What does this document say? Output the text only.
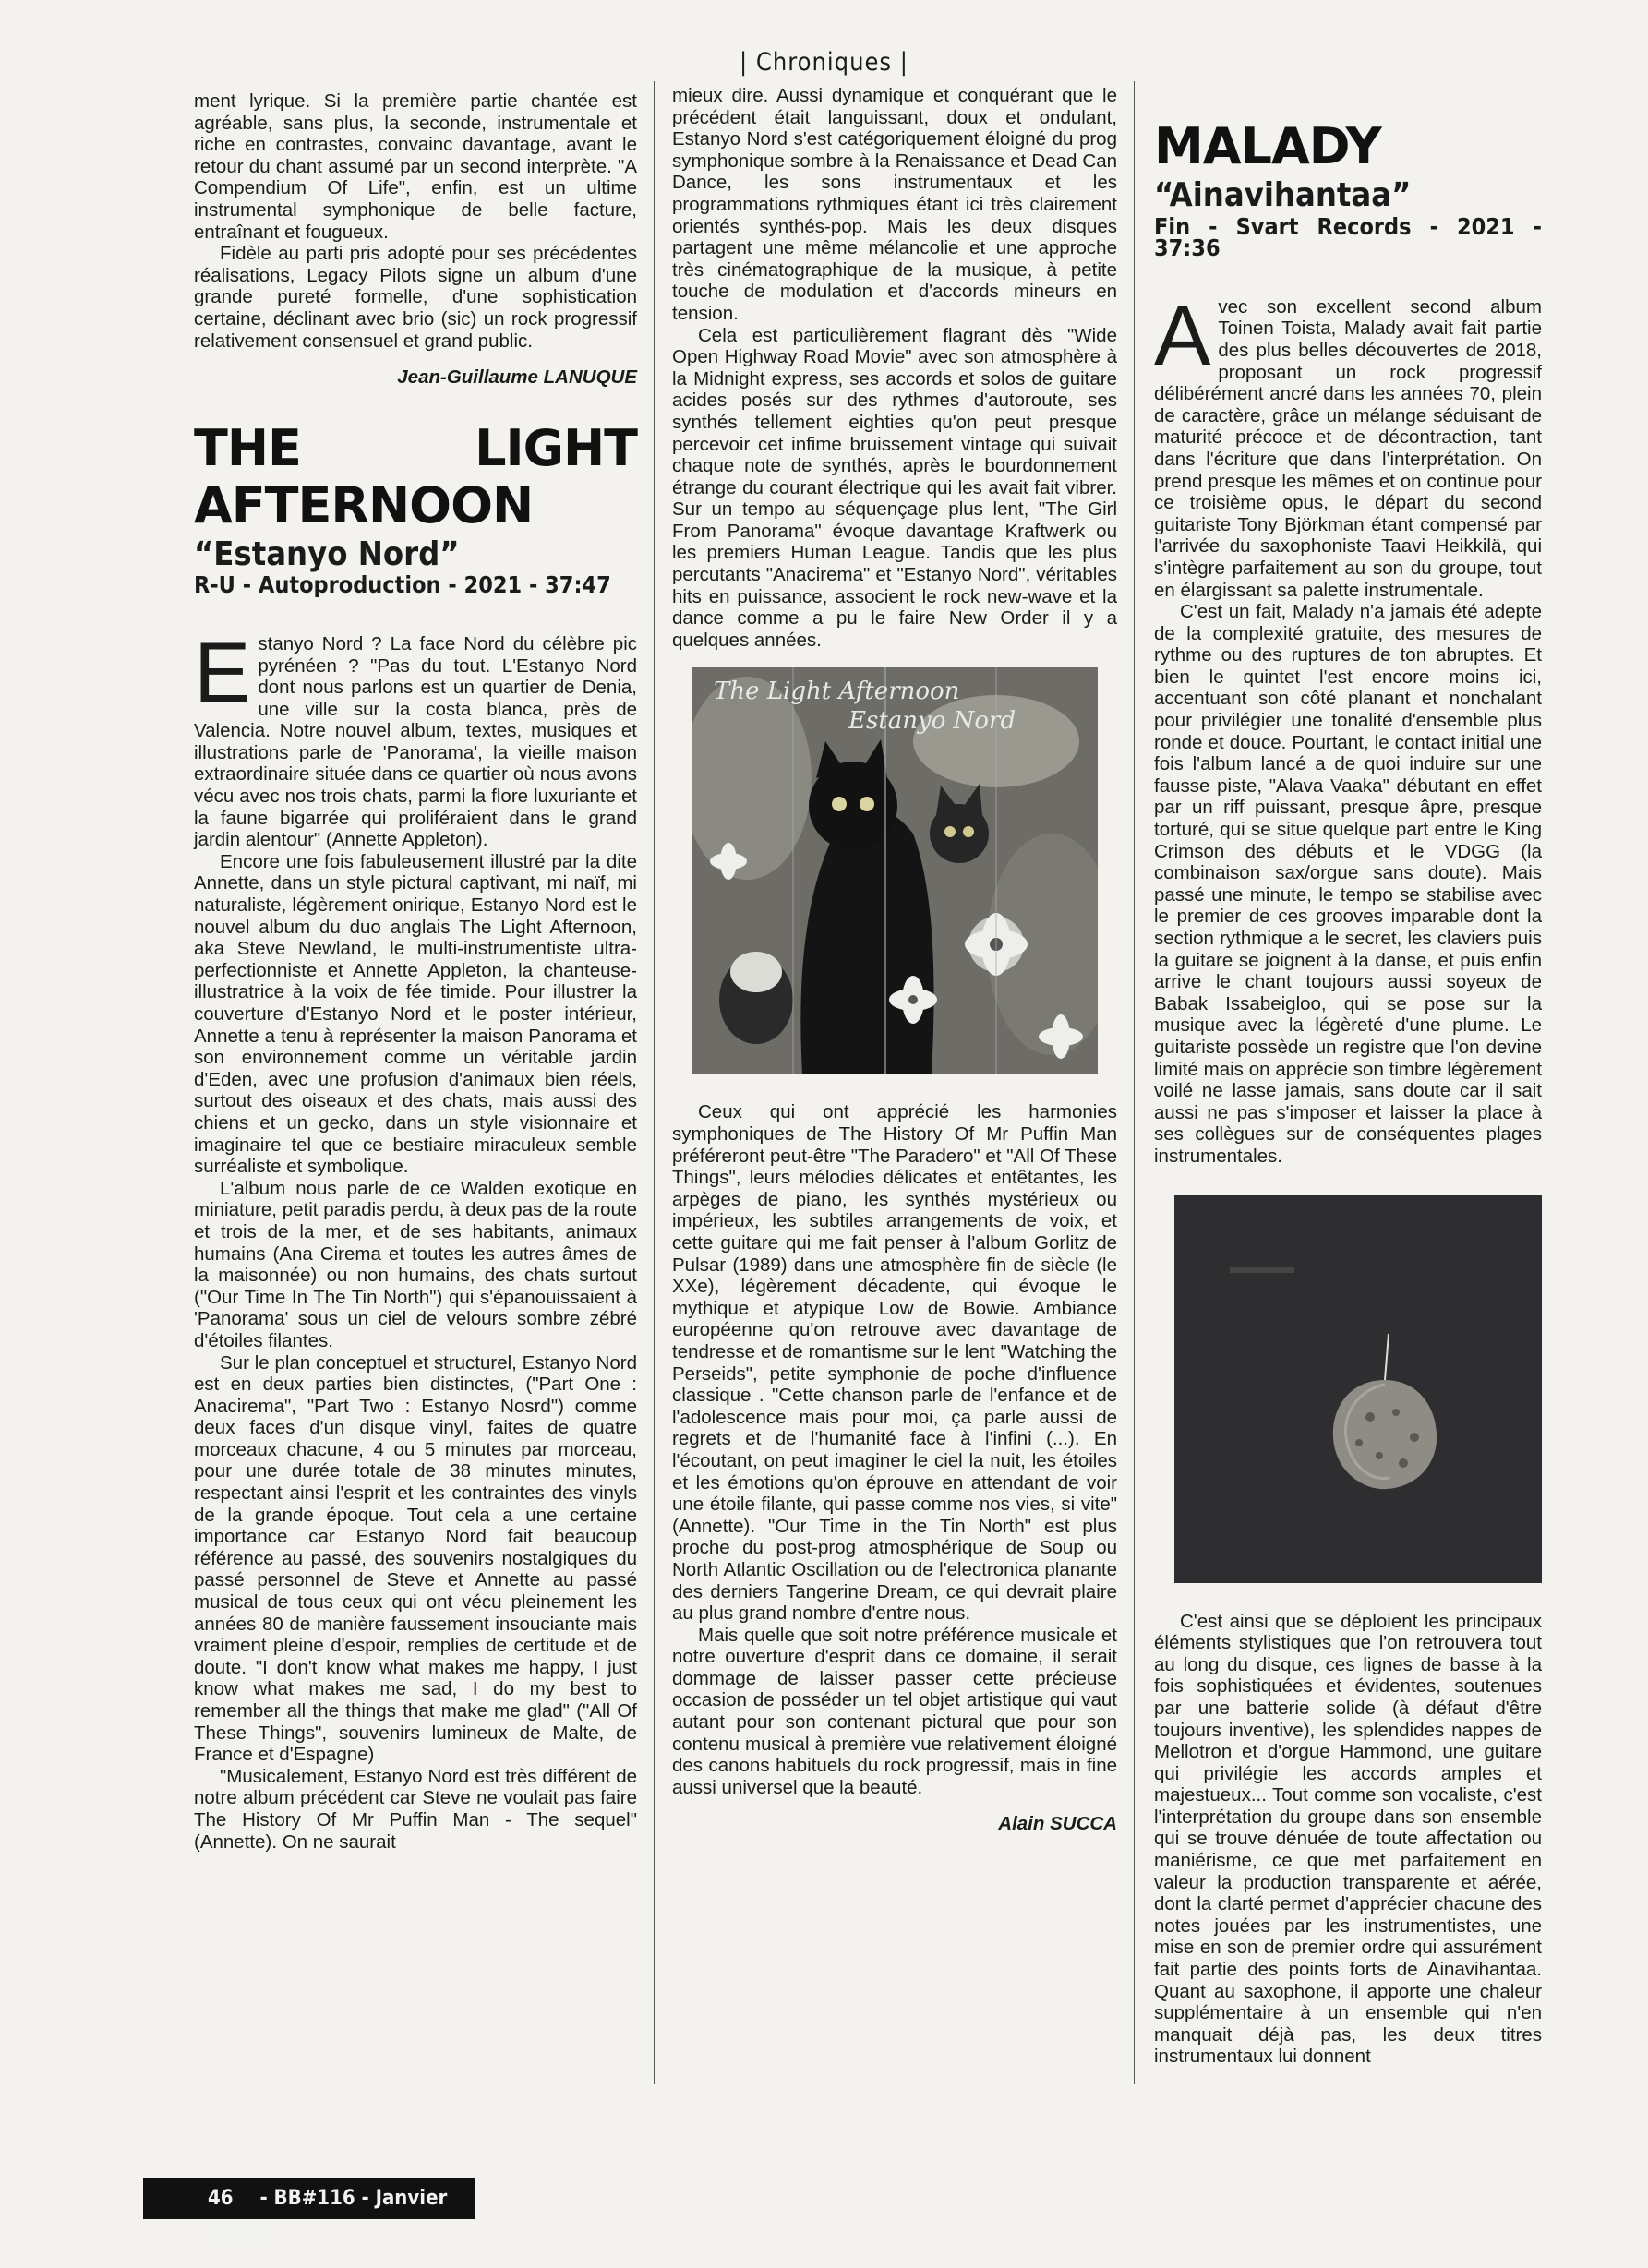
| Chroniques |

ment lyrique. Si la première partie chantée est agréable, sans plus, la seconde, instrumentale et riche en contrastes, convainc davantage, avant le retour du chant assumé par un second interprète. "A Compendium Of Life", enfin, est un ultime instrumental symphonique de belle facture, entraînant et fougueux.

Fidèle au parti pris adopté pour ses précédentes réalisations, Legacy Pilots signe un album d'une grande pureté formelle, d'une sophistication certaine, déclinant avec brio (sic) un rock progressif relativement consensuel et grand public.

Jean-Guillaume LANUQUE

THE LIGHT AFTERNOON
“Estanyo Nord”
R-U - Autoproduction - 2021 - 37:47

E stanyo Nord ? La face Nord du célèbre pic pyrénéen ? "Pas du tout. L'Estanyo Nord dont nous parlons est un quartier de Denia, une ville sur la costa blanca, près de Valencia. Notre nouvel album, textes, musiques et illustrations parle de 'Panorama', la vieille maison extraordinaire située dans ce quartier où nous avons vécu avec nos trois chats, parmi la flore luxuriante et la faune bigarrée qui proliféraient dans le grand jardin alentour" (Annette Appleton).

Encore une fois fabuleusement illustré par la dite Annette, dans un style pictural captivant, mi naïf, mi naturaliste, légèrement onirique, Estanyo Nord est le nouvel album du duo anglais The Light Afternoon, aka Steve Newland, le multi-instrumentiste ultra-perfectionniste et Annette Appleton, la chanteuse-illustratrice à la voix de fée timide. Pour illustrer la couverture d'Estanyo Nord et le poster intérieur, Annette a tenu à représenter la maison Panorama et son environnement comme un véritable jardin d'Eden, avec une profusion d'animaux bien réels, surtout des oiseaux et des chats, mais aussi des chiens et un gecko, dans un style visionnaire et imaginaire tel que ce bestiaire miraculeux semble surréaliste et symbolique.

L'album nous parle de ce Walden exotique en miniature, petit paradis perdu, à deux pas de la route et trois de la mer, et de ses habitants, animaux humains (Ana Cirema et toutes les autres âmes de la maisonnée) ou non humains, des chats surtout ("Our Time In The Tin North") qui s'épanouissaient à 'Panorama' sous un ciel de velours sombre zébré d'étoiles filantes.

Sur le plan conceptuel et structurel, Estanyo Nord est en deux parties bien distinctes, ("Part One : Anacirema", "Part Two : Estanyo Nosrd") comme deux faces d'un disque vinyl, faites de quatre morceaux chacune, 4 ou 5 minutes par morceau, pour une durée totale de 38 minutes minutes, respectant ainsi l'esprit et les contraintes des vinyls de la grande époque. Tout cela a une certaine importance car Estanyo Nord fait beaucoup référence au passé, des souvenirs nostalgiques du passé personnel de Steve et Annette au passé musical de tous ceux qui ont vécu pleinement les années 80 de manière faussement insouciante mais vraiment pleine d'espoir, remplies de certitude et de doute. "I don't know what makes me happy, I just know what makes me sad, I do my best to remember all the things that make me glad" ("All Of These Things", souvenirs lumineux de Malte, de France et d'Espagne)

"Musicalement, Estanyo Nord est très différent de notre album précédent car Steve ne voulait pas faire The History Of Mr Puffin Man - The sequel" (Annette). On ne saurait

mieux dire. Aussi dynamique et conquérant que le précédent était languissant, doux et ondulant, Estanyo Nord s'est catégoriquement éloigné du prog symphonique sombre à la Renaissance et Dead Can Dance, les sons instrumentaux et les programmations rythmiques étant ici très clairement orientés synthés-pop. Mais les deux disques partagent une même mélancolie et une approche très cinématographique de la musique, à petite touche de modulation et d'accords mineurs en tension.

Cela est particulièrement flagrant dès "Wide Open Highway Road Movie" avec son atmosphère à la Midnight express, ses accords et solos de guitare acides posés sur des rythmes d'autoroute, ses synthés tellement eighties qu'on peut presque percevoir cet infime bruissement vintage qui suivait chaque note de synthés, après le bourdonnement étrange du courant électrique qui les avait fait vibrer. Sur un tempo au séquençage plus lent, "The Girl From Panorama" évoque davantage Kraftwerk ou les premiers Human League. Tandis que les plus percutants "Anacirema" et "Estanyo Nord", véritables hits en puissance, associent le rock new-wave et la dance comme a pu le faire New Order il y a quelques années.

The Light Afternoon
Estanyo Nord

Ceux qui ont apprécié les harmonies symphoniques de The History Of Mr Puffin Man préféreront peut-être "The Paradero" et "All Of These Things", leurs mélodies délicates et entêtantes, les arpèges de piano, les synthés mystérieux ou impérieux, les subtiles arrangements de voix, et cette guitare qui me fait penser à l'album Gorlitz de Pulsar (1989) dans une atmosphère fin de siècle (le XXe), légèrement décadente, qui évoque le mythique et atypique Low de Bowie. Ambiance européenne qu'on retrouve avec davantage de tendresse et de romantisme sur le lent "Watching the Perseids", petite symphonie de poche d'influence classique . "Cette chanson parle de l'enfance et de l'adolescence mais pour moi, ça parle aussi de regrets et de l'humanité face à l'infini (...). En l'écoutant, on peut imaginer le ciel la nuit, les étoiles et les émotions qu'on éprouve en attendant de voir une étoile filante, qui passe comme nos vies, si vite" (Annette). "Our Time in the Tin North" est plus proche du post-prog atmosphérique de Soup ou North Atlantic Oscillation ou de l'electronica planante des derniers Tangerine Dream, ce qui devrait plaire au plus grand nombre d'entre nous.

Mais quelle que soit notre préférence musicale et notre ouverture d'esprit dans ce domaine, il serait dommage de laisser passer cette précieuse occasion de posséder un tel objet artistique qui vaut autant pour son contenant pictural que pour son contenu musical à première vue relativement éloigné des canons habituels du rock progressif, mais in fine aussi universel que la beauté.

Alain SUCCA

MALADY
“Ainavihantaa”
Fin - Svart Records - 2021 - 37:36

A vec son excellent second album Toinen Toista, Malady avait fait partie des plus belles découvertes de 2018, proposant un rock progressif délibérément ancré dans les années 70, plein de caractère, grâce un mélange séduisant de maturité précoce et de décontraction, tant dans l'écriture que dans l'interprétation. On prend presque les mêmes et on continue pour ce troisième opus, le départ du second guitariste Tony Björkman étant compensé par l'arrivée du saxophoniste Taavi Heikkilä, qui s'intègre parfaitement au son du groupe, tout en élargissant sa palette instrumentale.

C'est un fait, Malady n'a jamais été adepte de la complexité gratuite, des mesures de rythme ou des ruptures de ton abruptes. Et bien le quintet l'est encore moins ici, accentuant son côté planant et nonchalant pour privilégier une tonalité d'ensemble plus ronde et douce. Pourtant, le contact initial une fois l'album lancé a de quoi induire sur une fausse piste, "Alava Vaaka" débutant en effet par un riff puissant, presque âpre, presque torturé, qui se situe quelque part entre le King Crimson des débuts et le VDGG (la combinaison sax/orgue sans doute). Mais passé une minute, le tempo se stabilise avec le premier de ces grooves imparable dont la section rythmique a le secret, les claviers puis la guitare se joignent à la danse, et puis enfin arrive le chant toujours aussi soyeux de Babak Issabeigloo, qui se pose sur la musique avec la légèreté d'une plume. Le guitariste possède un registre que l'on devine limité mais on apprécie son timbre légèrement voilé ne lasse jamais, sans doute car il sait aussi ne pas s'imposer et laisser la place à ses collègues sur de conséquentes plages instrumentales.

C'est ainsi que se déploient les principaux éléments stylistiques que l'on retrouvera tout au long du disque, ces lignes de basse à la fois sophistiquées et évidentes, soutenues par une batterie solide (à défaut d'être toujours inventive), les splendides nappes de Mellotron et d'orgue Hammond, une guitare qui privilégie les accords amples et majestueux... Tout comme son vocaliste, c'est l'interprétation du groupe dans son ensemble qui se trouve dénuée de toute affectation ou maniérisme, ce que met parfaitement en valeur la production transparente et aérée, dont la clarté permet d'apprécier chacune des notes jouées par les instrumentistes, une mise en son de premier ordre qui assurément fait partie des points forts de Ainavihantaa. Quant au saxophone, il apporte une chaleur supplémentaire à un ensemble qui n'en manquait déjà pas, les deux titres instrumentaux lui donnent

46 - BB#116 - Janvier 2022
